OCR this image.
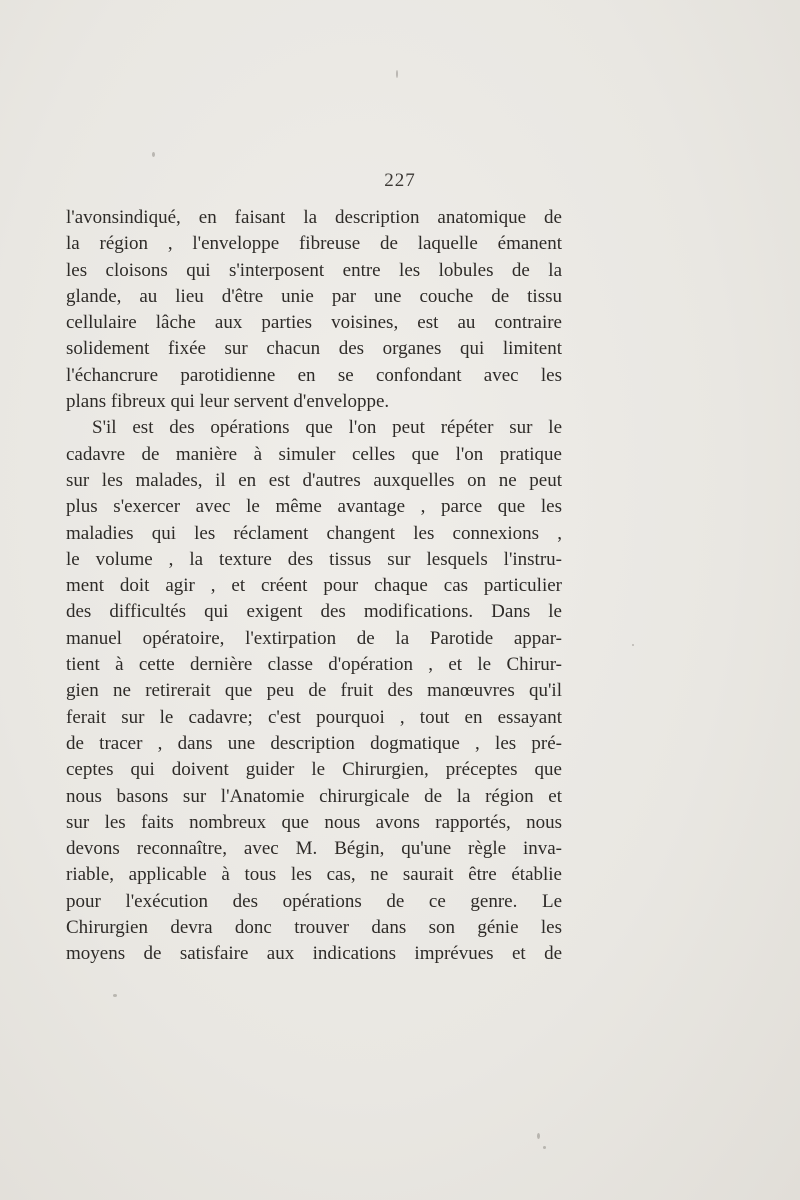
227
l'avonsindiqué, en faisant la description anatomique de
la région , l'enveloppe fibreuse de laquelle émanent
les cloisons qui s'interposent entre les lobules de la
glande, au lieu d'être unie par une couche de tissu
cellulaire lâche aux parties voisines, est au contraire
solidement fixée sur chacun des organes qui limitent
l'échancrure parotidienne en se confondant avec les
plans fibreux qui leur servent d'enveloppe.
S'il est des opérations que l'on peut répéter sur le
cadavre de manière à simuler celles que l'on pratique
sur les malades, il en est d'autres auxquelles on ne peut
plus s'exercer avec le même avantage , parce que les
maladies qui les réclament changent les connexions ,
le volume , la texture des tissus sur lesquels l'instru-
ment doit agir , et créent pour chaque cas particulier
des difficultés qui exigent des modifications. Dans le
manuel opératoire, l'extirpation de la Parotide appar-
tient à cette dernière classe d'opération , et le Chirur-
gien ne retirerait que peu de fruit des manœuvres qu'il
ferait sur le cadavre; c'est pourquoi , tout en essayant
de tracer , dans une description dogmatique , les pré-
ceptes qui doivent guider le Chirurgien, préceptes que
nous basons sur l'Anatomie chirurgicale de la région et
sur les faits nombreux que nous avons rapportés, nous
devons reconnaître, avec M. Bégin, qu'une règle inva-
riable, applicable à tous les cas, ne saurait être établie
pour l'exécution des opérations de ce genre. Le
Chirurgien devra donc trouver dans son génie les
moyens de satisfaire aux indications imprévues et de
